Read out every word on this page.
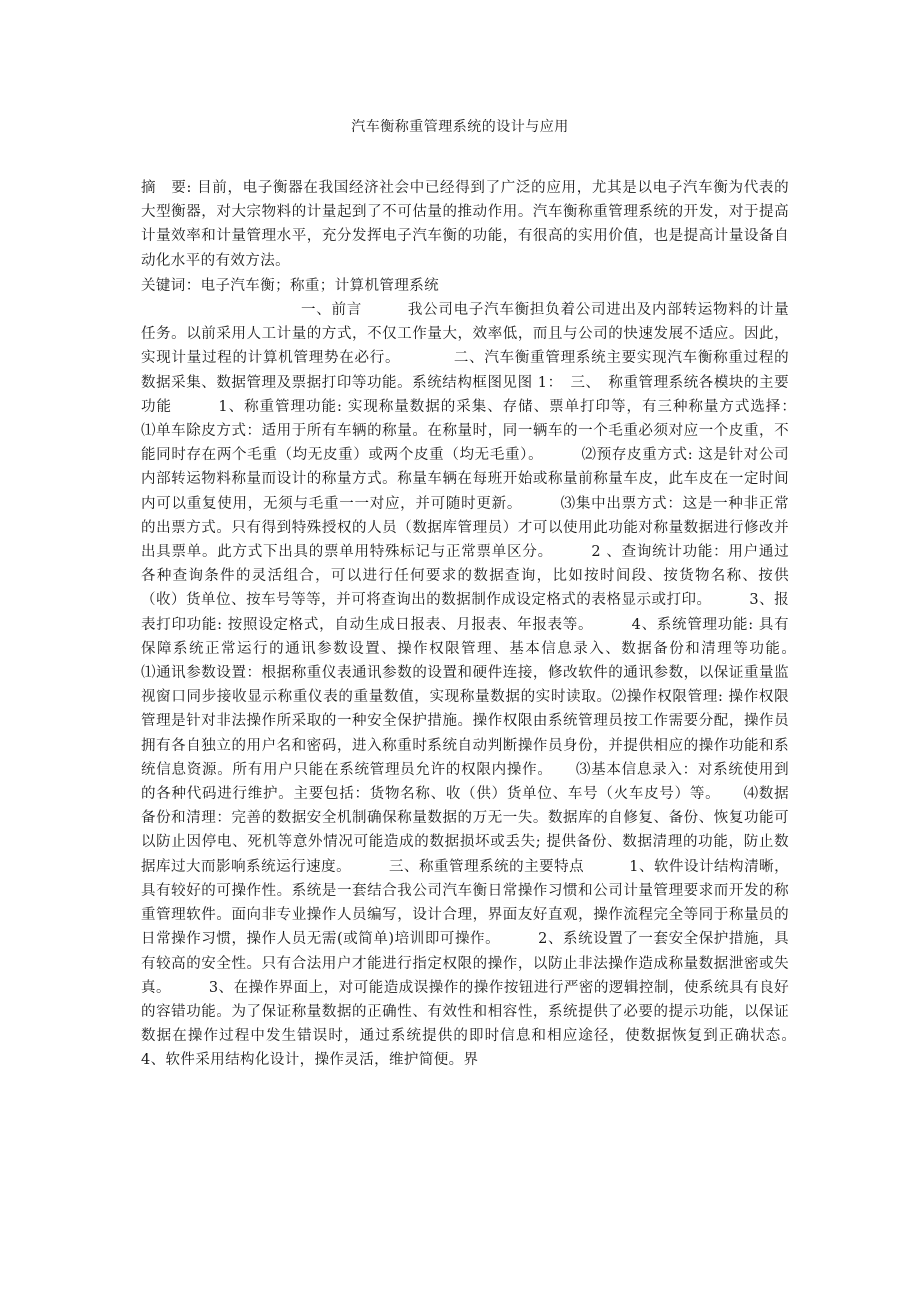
汽车衡称重管理系统的设计与应用

摘　要: 目前，电子衡器在我国经济社会中已经得到了广泛的应用，尤其是以电子汽车衡为代表的大型衡器，对大宗物料的计量起到了不可估量的推动作用。汽车衡称重管理系统的开发，对于提高计量效率和计量管理水平，充分发挥电子汽车衡的功能，有很高的实用价值，也是提高计量设备自动化水平的有效方法。

关键词：电子汽车衡；称重；计算机管理系统

一、前言　　　我公司电子汽车衡担负着公司进出及内部转运物料的计量任务。以前采用人工计量的方式，不仅工作量大，效率低，而且与公司的快速发展不适应。因此，实现计量过程的计算机管理势在必行。　　　　二、汽车衡重管理系统主要实现汽车衡称重过程的数据采集、数据管理及票据打印等功能。系统结构框图见图 1：　三、　称重管理系统各模块的主要功能　　　1、称重管理功能: 实现称量数据的采集、存储、票单打印等，有三种称量方式选择：　　　⑴单车除皮方式：适用于所有车辆的称量。在称量时，同一辆车的一个毛重必须对应一个皮重，不能同时存在两个毛重（均无皮重）或两个皮重（均无毛重）。　　　⑵预存皮重方式: 这是针对公司内部转运物料称量而设计的称量方式。称量车辆在每班开始或称量前称量车皮，此车皮在一定时间内可以重复使用，无须与毛重一一对应，并可随时更新。　　　⑶集中出票方式：这是一种非正常的出票方式。只有得到特殊授权的人员（数据库管理员）才可以使用此功能对称量数据进行修改并出具票单。此方式下出具的票单用特殊标记与正常票单区分。　　　2 、查询统计功能：用户通过各种查询条件的灵活组合，可以进行任何要求的数据查询，比如按时间段、按货物名称、按供（收）货单位、按车号等等，并可将查询出的数据制作成设定格式的表格显示或打印。　　　3、报表打印功能: 按照设定格式，自动生成日报表、月报表、年报表等。　　　4、系统管理功能: 具有保障系统正常运行的通讯参数设置、操作权限管理、基本信息录入、数据备份和清理等功能。　　⑴通讯参数设置：根据称重仪表通讯参数的设置和硬件连接，修改软件的通讯参数，以保证重量监视窗口同步接收显示称重仪表的重量数值，实现称量数据的实时读取。⑵操作权限管理: 操作权限管理是针对非法操作所采取的一种安全保护措施。操作权限由系统管理员按工作需要分配，操作员拥有各自独立的用户名和密码，进入称重时系统自动判断操作员身份，并提供相应的操作功能和系统信息资源。所有用户只能在系统管理员允许的权限内操作。　　⑶基本信息录入：对系统使用到的各种代码进行维护。主要包括：货物名称、收（供）货单位、车号（火车皮号）等。　　⑷数据备份和清理：完善的数据安全机制确保称量数据的万无一失。数据库的自修复、备份、恢复功能可以防止因停电、死机等意外情况可能造成的数据损坏或丢失; 提供备份、数据清理的功能，防止数据库过大而影响系统运行速度。　　　三、称重管理系统的主要特点　　　1、软件设计结构清晰，具有较好的可操作性。系统是一套结合我公司汽车衡日常操作习惯和公司计量管理要求而开发的称重管理软件。面向非专业操作人员编写，设计合理，界面友好直观，操作流程完全等同于称量员的日常操作习惯，操作人员无需(或简单)培训即可操作。　　　2、系统设置了一套安全保护措施，具有较高的安全性。只有合法用户才能进行指定权限的操作，以防止非法操作造成称量数据泄密或失真。　　　3、在操作界面上，对可能造成误操作的操作按钮进行严密的逻辑控制，使系统具有良好的容错功能。为了保证称量数据的正确性、有效性和相容性，系统提供了必要的提示功能，以保证数据在操作过程中发生错误时，通过系统提供的即时信息和相应途径，使数据恢复到正确状态。　　　4、软件采用结构化设计，操作灵活，维护简便。界
